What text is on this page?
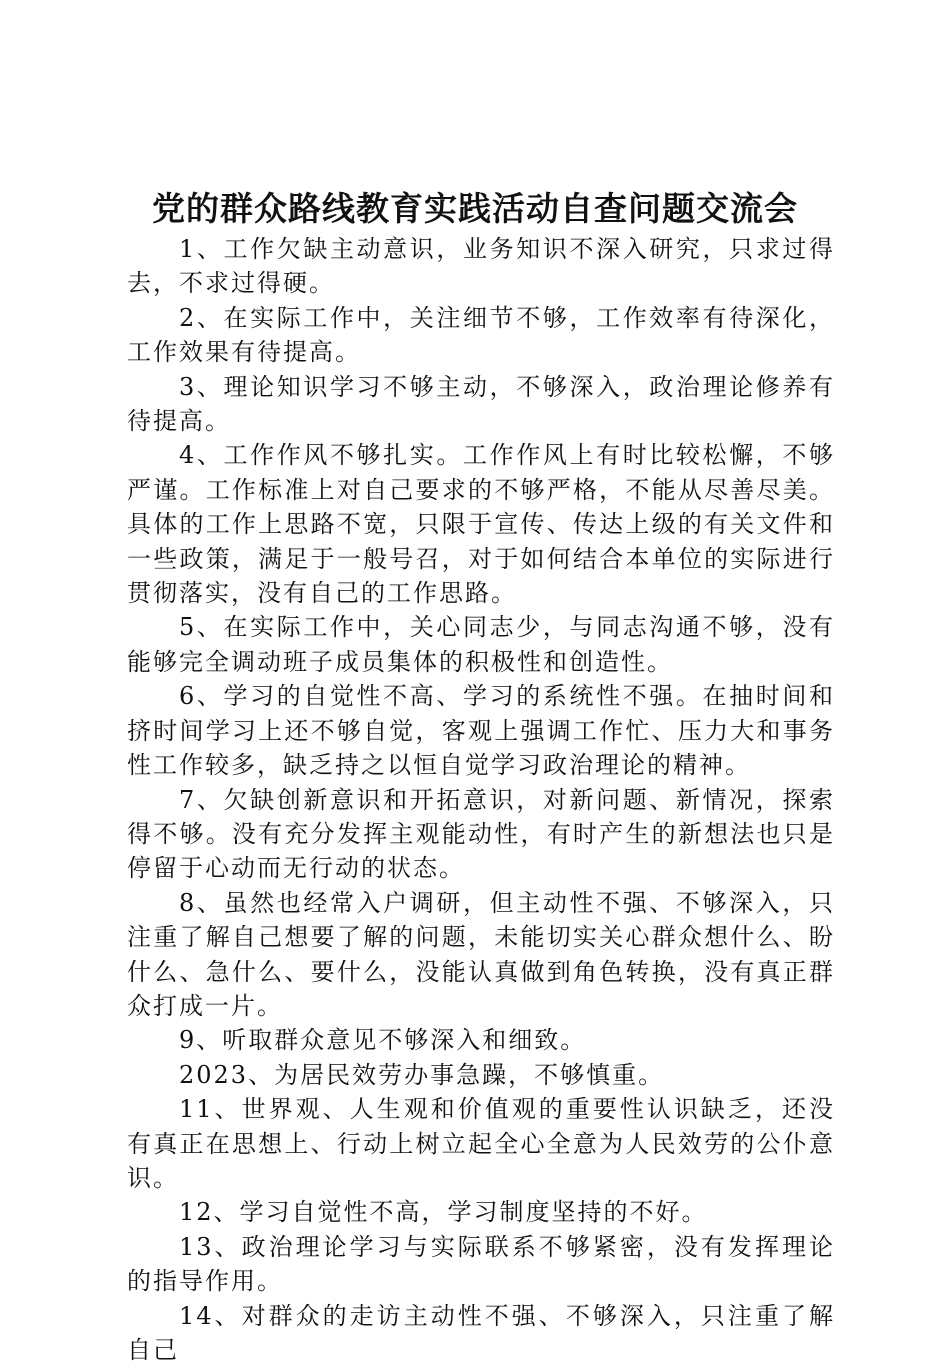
党的群众路线教育实践活动自查问题交流会

1、工作欠缺主动意识，业务知识不深入研究，只求过得去，不求过得硬。

2、在实际工作中，关注细节不够，工作效率有待深化，工作效果有待提高。

3、理论知识学习不够主动，不够深入，政治理论修养有待提高。

4、工作作风不够扎实。工作作风上有时比较松懈，不够严谨。工作标准上对自己要求的不够严格，不能从尽善尽美。具体的工作上思路不宽，只限于宣传、传达上级的有关文件和一些政策，满足于一般号召，对于如何结合本单位的实际进行贯彻落实，没有自己的工作思路。

5、在实际工作中，关心同志少，与同志沟通不够，没有能够完全调动班子成员集体的积极性和创造性。

6、学习的自觉性不高、学习的系统性不强。在抽时间和挤时间学习上还不够自觉，客观上强调工作忙、压力大和事务性工作较多，缺乏持之以恒自觉学习政治理论的精神。

7、欠缺创新意识和开拓意识，对新问题、新情况，探索得不够。没有充分发挥主观能动性，有时产生的新想法也只是停留于心动而无行动的状态。

8、虽然也经常入户调研，但主动性不强、不够深入，只注重了解自己想要了解的问题，未能切实关心群众想什么、盼什么、急什么、要什么，没能认真做到角色转换，没有真正群众打成一片。

9、听取群众意见不够深入和细致。

2023、为居民效劳办事急躁，不够慎重。

11、世界观、人生观和价值观的重要性认识缺乏，还没有真正在思想上、行动上树立起全心全意为人民效劳的公仆意识。

12、学习自觉性不高，学习制度坚持的不好。

13、政治理论学习与实际联系不够紧密，没有发挥理论的指导作用。

14、对群众的走访主动性不强、不够深入，只注重了解自己
